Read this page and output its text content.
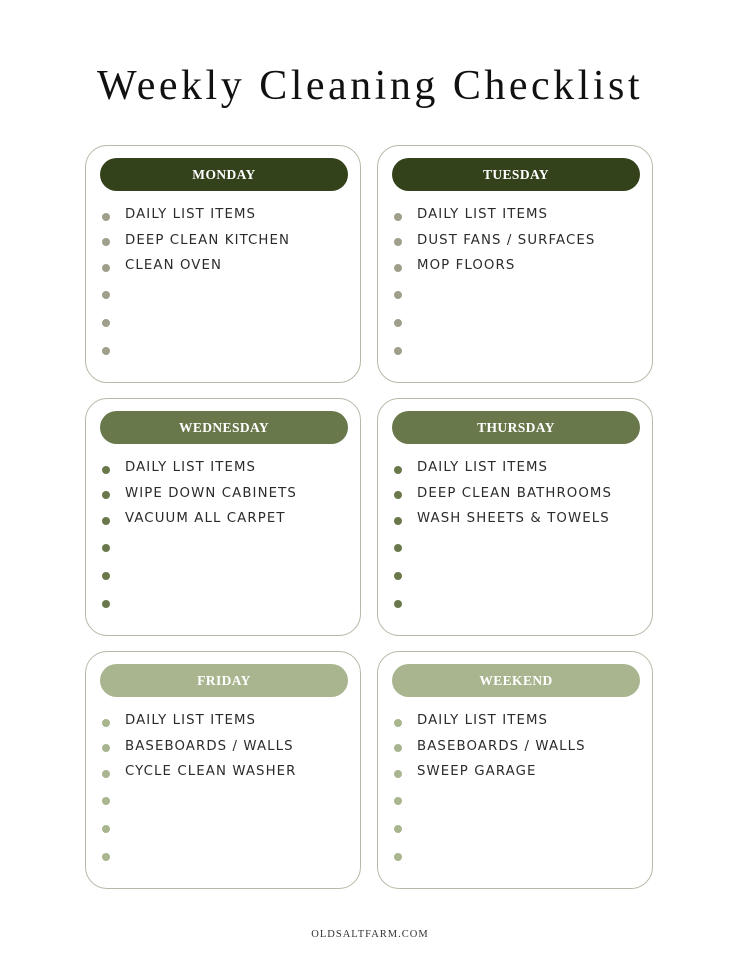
Weekly Cleaning Checklist
MONDAY
DAILY LIST ITEMS
DEEP CLEAN KITCHEN
CLEAN OVEN
TUESDAY
DAILY LIST ITEMS
DUST FANS / SURFACES
MOP FLOORS
WEDNESDAY
DAILY LIST ITEMS
WIPE DOWN CABINETS
VACUUM ALL CARPET
THURSDAY
DAILY LIST ITEMS
DEEP CLEAN BATHROOMS
WASH SHEETS & TOWELS
FRIDAY
DAILY LIST ITEMS
BASEBOARDS / WALLS
CYCLE CLEAN WASHER
WEEKEND
DAILY LIST ITEMS
BASEBOARDS / WALLS
SWEEP GARAGE
OLDSALTFARM.COM
